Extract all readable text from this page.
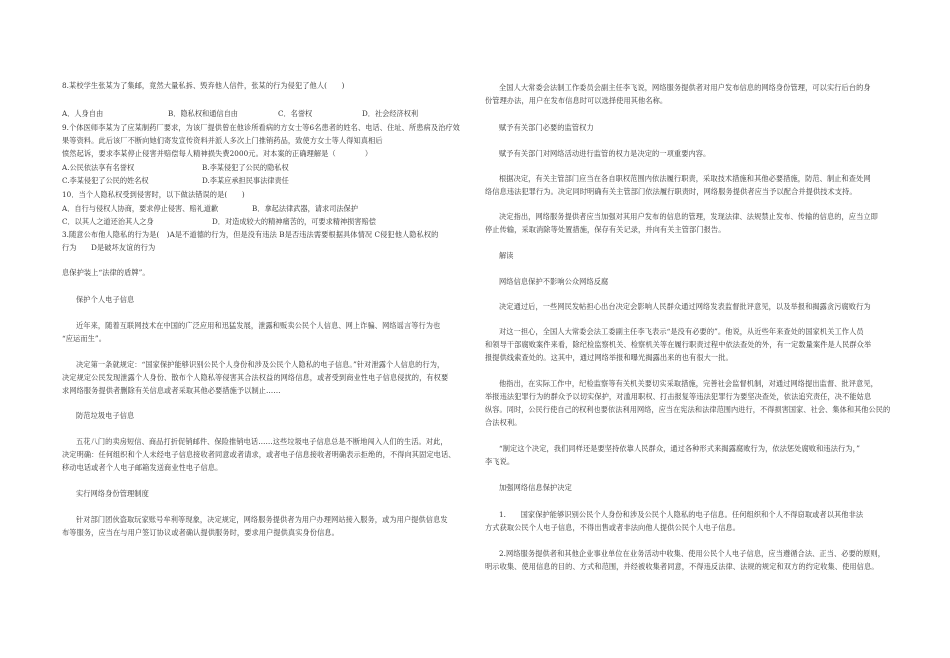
8.某校学生张某为了集邮，竟然大量私拆、毁弃他人信件，张某的行为侵犯了他人(　　)
A．人身自由	B．隐私权和通信自由	C．名誉权	D．社会经济权利
9.个体医师李某为了应某制药厂要求，为该厂提供曾在他诊所看病的方女士等6名患者的姓名、电话、住址、所患病及治疗效
果等资料。此后该厂不断向她们寄发宣传资料并派人多次上门推销药品，致使方女士等人得知真相后
愤然起诉，要求李某停止侵害并赔偿每人精神损失费2000元。对本案的正确理解是（　　　　）
A.公民依法享有名誉权	B.李某侵犯了公民的隐私权
C.李某侵犯了公民的姓名权	D.李某应承担民事法律责任
10．当个人隐私权受到侵害时，以下做法错误的是(　　)
A．自行与侵权人协商，要求停止侵害、赔礼道歉	B．拿起法律武器，请求司法保护
C．以其人之道还治其人之身	D．对造成较大的精神痛苦的，可要求精神损害赔偿
3.随意公布他人隐私的行为是(　)A是不道德的行为，但是没有违法 B是否违法需要根据具体情况 C侵犯他人隐私权的
行为　　D是破坏友谊的行为
息保护装上“法律的盾牌”。
保护个人电子信息
近年来，随着互联网技术在中国的广泛应用和迅猛发展，泄露和贩卖公民个人信息、网上诈骗、网络谣言等行为也
“应运而生”。
决定第一条就规定：“国家保护能够识别公民个人身份和涉及公民个人隐私的电子信息。”针对泄露个人信息的行为，
决定规定公民发现泄露个人身份、散布个人隐私等侵害其合法权益的网络信息，或者受到商业性电子信息侵扰的，有权要
求网络服务提供者删除有关信息或者采取其他必要措施予以制止……
防范垃圾电子信息
五花八门的卖房短信、商品打折促销邮件、保险推销电话……这些垃圾电子信息总是不断地闯入人们的生活。对此，
决定明确：任何组织和个人未经电子信息接收者同意或者请求，或者电子信息接收者明确表示拒绝的，不得向其固定电话、
移动电话或者个人电子邮箱发送商业性电子信息。
实行网络身份管理制度
针对部门团伙盗取玩家账号牟利等现象，决定规定，网络服务提供者为用户办理网站接入服务，或为用户提供信息发
布等服务，应当在与用户签订协议或者确认提供服务时，要求用户提供真实身份信息。
全国人大常委会法制工作委员会副主任李飞说，网络服务提供者对用户发布信息的网络身份管理，可以实行后台的身
份管理办法，用户在发布信息时可以选择使用其他名称。
赋予有关部门必要的监管权力
赋予有关部门对网络活动进行监管的权力是决定的一项重要内容。
根据决定，有关主管部门应当在各自职权范围内依法履行职责，采取技术措施和其他必要措施，防范、制止和查处网
络信息违法犯罪行为。决定同时明确有关主管部门依法履行职责时，网络服务提供者应当予以配合并提供技术支持。
决定指出，网络服务提供者应当加强对其用户发布的信息的管理，发现法律、法规禁止发布、传输的信息的，应当立即
停止传输，采取消除等处置措施，保存有关记录，并向有关主管部门报告。
解读
网络信息保护不影响公众网络反腐
决定通过后，一些网民发帖担心出台决定会影响人民群众通过网络发表监督批评意见，以及举报和揭露贪污腐败行为
对这一担心，全国人大常委会法工委副主任李飞表示“是没有必要的”。他说，从近些年来查处的国家机关工作人员
和领导干部腐败案件来看，除纪检监察机关、检察机关等在履行职责过程中依法查处的外，有一定数量案件是人民群众举
报提供线索查处的。这其中，通过网络举报和曝光揭露出来的也有很大一批。
他指出，在实际工作中，纪检监察等有关机关要切实采取措施，完善社会监督机制，对通过网络提出监督、批评意见，
举报违法犯罪行为的群众予以切实保护，对滥用职权、打击报复等违法犯罪行为要坚决查处，依法追究责任，决不能姑息
纵容。同时，公民行使自己的权利也要依法利用网络，应当在宪法和法律范围内进行，不得损害国家、社会、集体和其他公民的
合法权利。
“制定这个决定，我们同样还是要坚持依靠人民群众，通过各种形式来揭露腐败行为，依法惩处腐败和违法行为，”
李飞说。
加强网络信息保护决定
1.　　国家保护能够识别公民个人身份和涉及公民个人隐私的电子信息。任何组织和个人不得窃取或者以其他非法
方式获取公民个人电子信息，不得出售或者非法向他人提供公民个人电子信息。
2.网络服务提供者和其他企业事业单位在业务活动中收集、使用公民个人电子信息，应当遵循合法、正当、必要的原则，
明示收集、使用信息的目的、方式和范围，并经被收集者同意，不得违反法律、法规的规定和双方的约定收集、使用信息。
